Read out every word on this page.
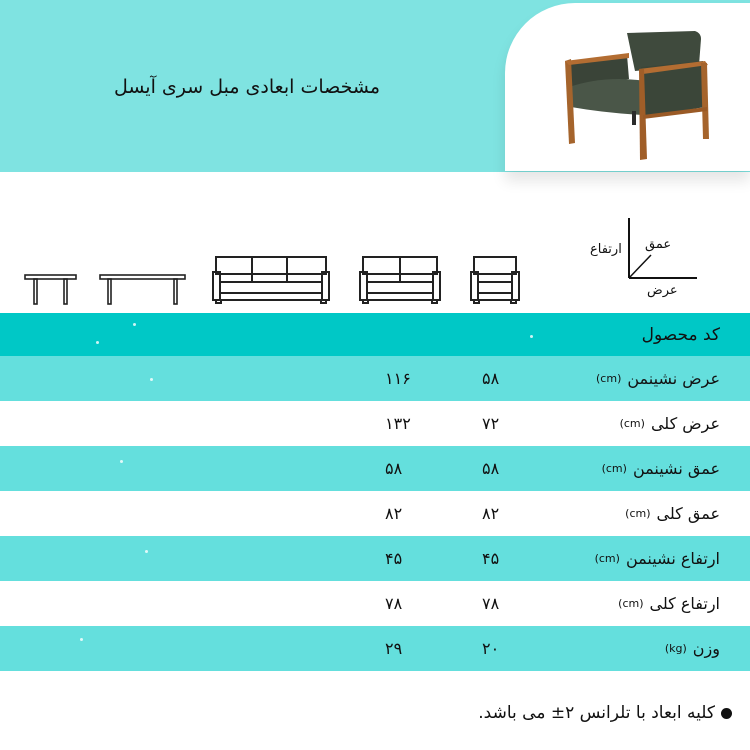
مشخصات ابعادی مبل سری آیسل
ارتفاع عمق
عرض
کد محصول
عرض نشینمن
(cm)
۵۸
۱۱۶
عرض کلی
(cm)
۷۲
۱۳۲
عمق نشینمن
(cm)
۵۸
۵۸
عمق کلی
(cm)
۸۲
۸۲
ارتفاع نشینمن
(cm)
۴۵
۴۵
ارتفاع کلی
(cm)
۷۸
۷۸
وزن
(kg)
۲۰
۲۹
کلیه ابعاد با تلرانس ۲± می باشد.
